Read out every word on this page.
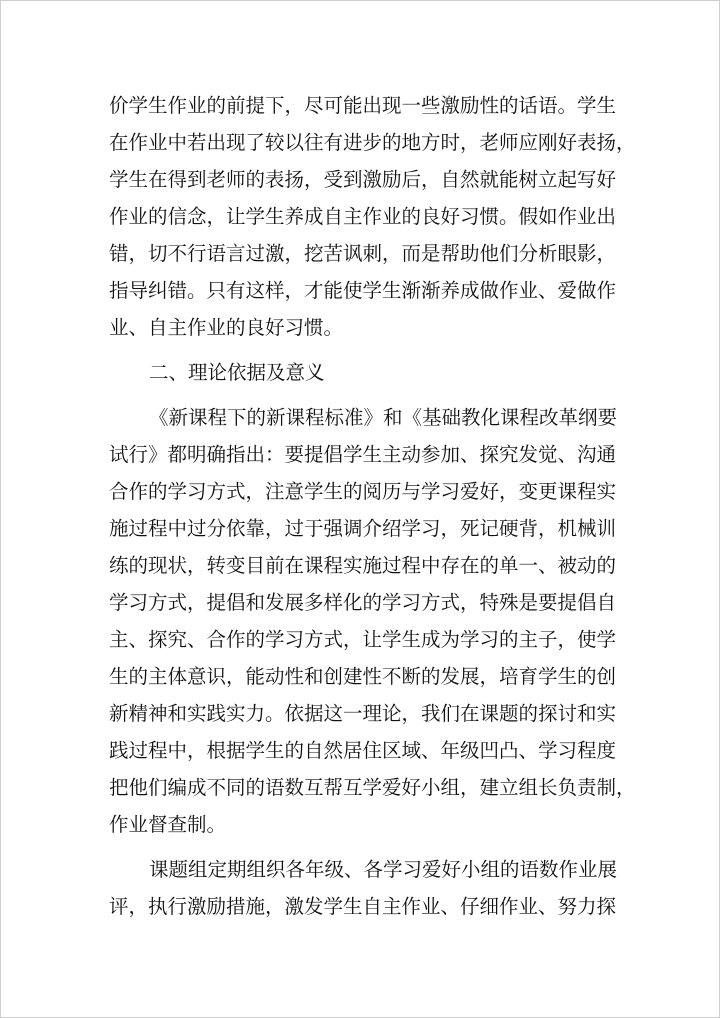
价学生作业的前提下，尽可能出现一些激励性的话语。学生
在作业中若出现了较以往有进步的地方时，老师应刚好表扬，
学生在得到老师的表扬，受到激励后，自然就能树立起写好
作业的信念，让学生养成自主作业的良好习惯。假如作业出
错，切不行语言过激，挖苦讽刺，而是帮助他们分析眼影，
指导纠错。只有这样，才能使学生渐渐养成做作业、爱做作
业、自主作业的良好习惯。
二、理论依据及意义
《新课程下的新课程标准》和《基础教化课程改革纲要
试行》都明确指出：要提倡学生主动参加、探究发觉、沟通
合作的学习方式，注意学生的阅历与学习爱好，变更课程实
施过程中过分依靠，过于强调介绍学习，死记硬背，机械训
练的现状，转变目前在课程实施过程中存在的单一、被动的
学习方式，提倡和发展多样化的学习方式，特殊是要提倡自
主、探究、合作的学习方式，让学生成为学习的主子，使学
生的主体意识，能动性和创建性不断的发展，培育学生的创
新精神和实践实力。依据这一理论，我们在课题的探讨和实
践过程中，根据学生的自然居住区域、年级凹凸、学习程度
把他们编成不同的语数互帮互学爱好小组，建立组长负责制，
作业督查制。
课题组定期组织各年级、各学习爱好小组的语数作业展
评，执行激励措施，激发学生自主作业、仔细作业、努力探
